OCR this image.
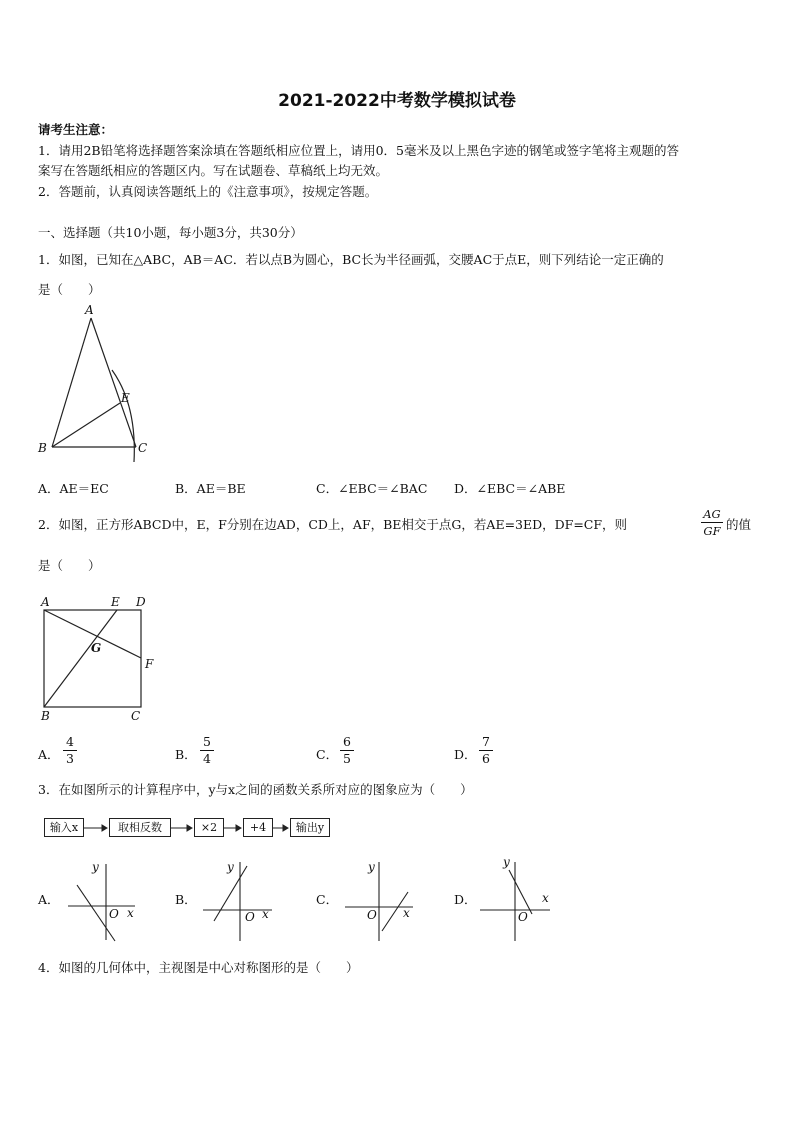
2021-2022中考数学模拟试卷
请考生注意：
1．请用2B铅笔将选择题答案涂填在答题纸相应位置上，请用0．5毫米及以上黑色字迹的钢笔或签字笔将主观题的答
案写在答题纸相应的答题区内。写在试题卷、草稿纸上均无效。
2．答题前，认真阅读答题纸上的《注意事项》，按规定答题。
一、选择题（共10小题，每小题3分，共30分）
1．如图，已知在△ABC，AB＝AC．若以点B为圆心，BC长为半径画弧，交腰AC于点E，则下列结论一定正确的
是（　　）
A
B	C
E
A．AE＝EC	B．AE＝BE	C．∠EBC＝∠BAC D．∠EBC＝∠ABE
2．如图，正方形ABCD中，E，F分别在边AD，CD上，AF，BE相交于点G，若AE=3ED，DF=CF，则	$\frac{AG}{GF}$ 的值
是（　　）
A	E D
G
F
B	C
A． $\frac{4}{3}$	B． $\frac{5}{4}$	C． $\frac{6}{5}$	D． $\frac{7}{6}$
3．在如图所示的计算程序中，y与x之间的函数关系所对应的图象应为（　　）
输入x	取相反数	×2	+4	输出y
A．	B．	C．	D．
y
O x
y
O x
y
O x
y
O
x
4．如图的几何体中，主视图是中心对称图形的是（　　）
